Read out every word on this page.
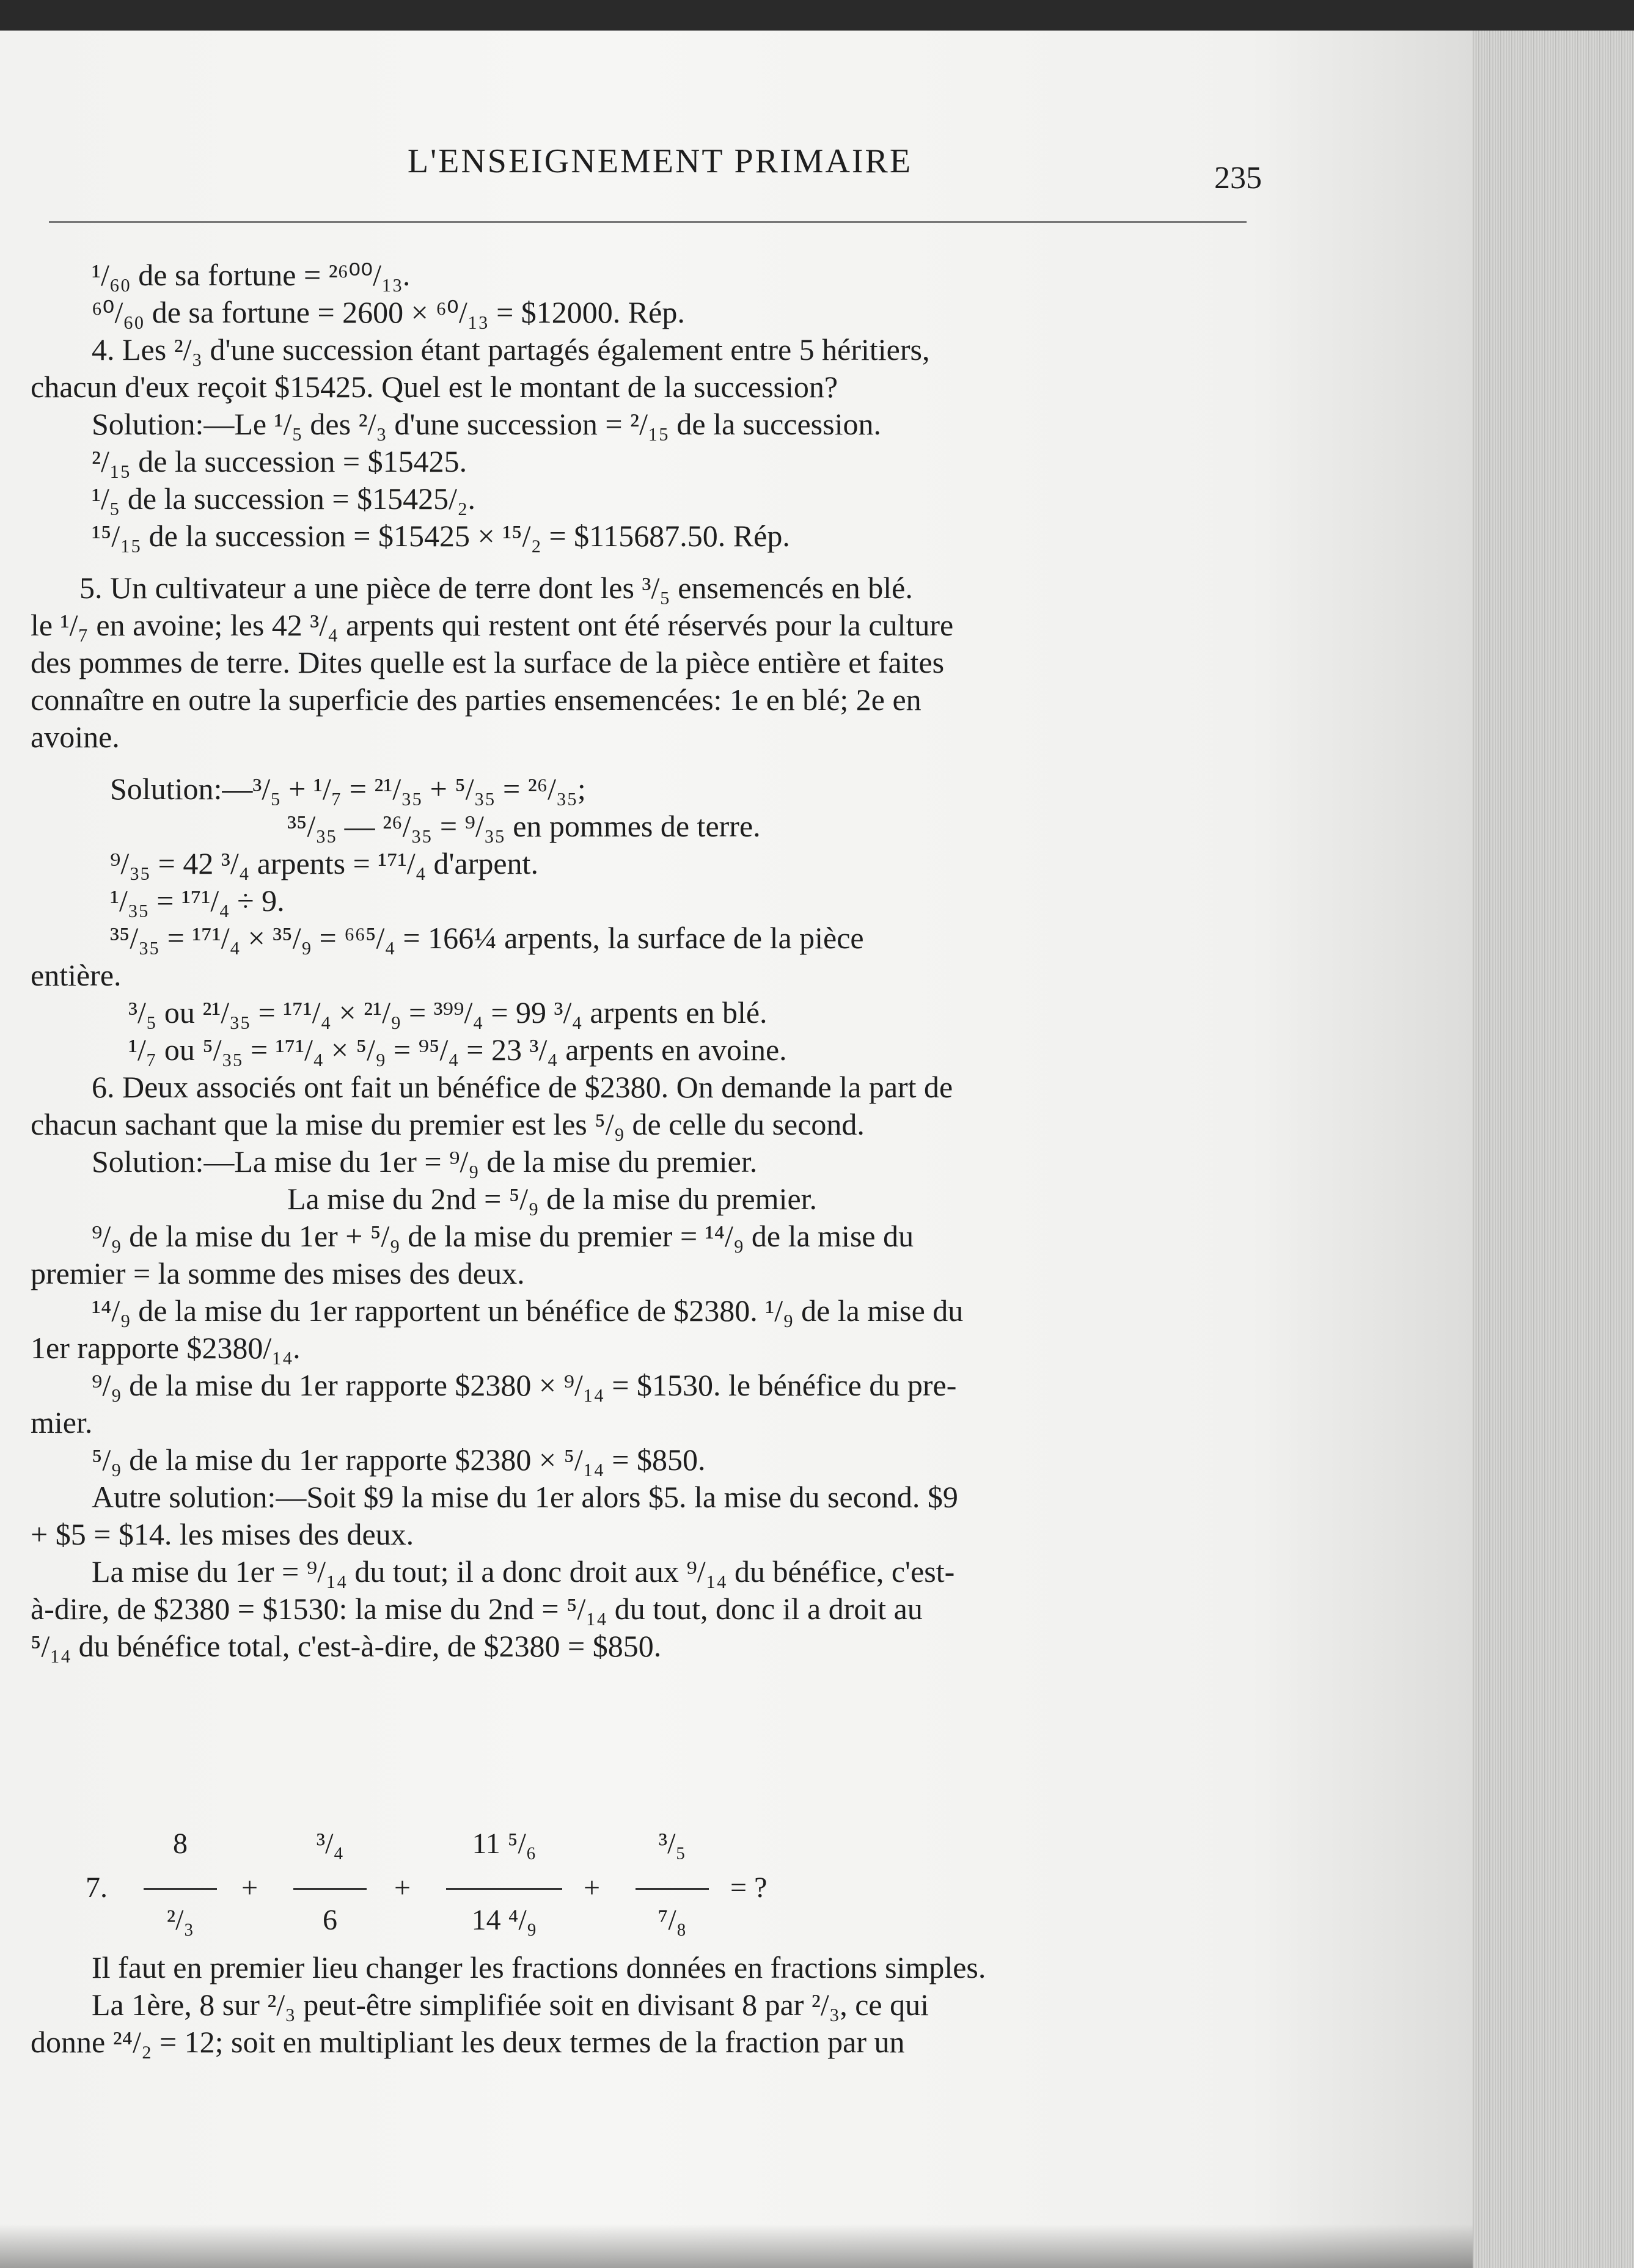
L'ENSEIGNEMENT PRIMAIRE	235

¹/₆₀ de sa fortune = ²⁶⁰⁰/₁₃.

⁶⁰/₆₀ de sa fortune = 2600 × ⁶⁰/₁₃ = $12000. Rép.

4. Les ²/₃ d'une succession étant partagés également entre 5 héritiers,

chacun d'eux reçoit $15425. Quel est le montant de la succession?

Solution:—Le ¹/₅ des ²/₃ d'une succession = ²/₁₅ de la succession.

²/₁₅ de la succession = $15425.

¹/₅ de la succession = $15425/₂.

¹⁵/₁₅ de la succession = $15425 × ¹⁵/₂ = $115687.50. Rép.

5. Un cultivateur a une pièce de terre dont les ³/₅ ensemencés en blé.

le ¹/₇ en avoine; les 42 ³/₄ arpents qui restent ont été réservés pour la culture

des pommes de terre. Dites quelle est la surface de la pièce entière et faites

connaître en outre la superficie des parties ensemencées: 1e en blé; 2e en

avoine.

Solution:—³/₅ + ¹/₇ = ²¹/₃₅ + ⁵/₃₅ = ²⁶/₃₅;

³⁵/₃₅ — ²⁶/₃₅ = ⁹/₃₅ en pommes de terre.

⁹/₃₅ = 42 ³/₄ arpents = ¹⁷¹/₄ d'arpent.

¹/₃₅ = ¹⁷¹/₄ ÷ 9.

³⁵/₃₅ = ¹⁷¹/₄ × ³⁵/₉ = ⁶⁶⁵/₄ = 166¼ arpents, la surface de la pièce

entière.

³/₅ ou ²¹/₃₅ = ¹⁷¹/₄ × ²¹/₉ = ³⁹⁹/₄ = 99 ³/₄ arpents en blé.

¹/₇ ou ⁵/₃₅ = ¹⁷¹/₄ × ⁵/₉ = ⁹⁵/₄ = 23 ³/₄ arpents en avoine.

6. Deux associés ont fait un bénéfice de $2380. On demande la part de

chacun sachant que la mise du premier est les ⁵/₉ de celle du second.

Solution:—La mise du 1er = ⁹/₉ de la mise du premier.

La mise du 2nd = ⁵/₉ de la mise du premier.

⁹/₉ de la mise du 1er + ⁵/₉ de la mise du premier = ¹⁴/₉ de la mise du

premier = la somme des mises des deux.

¹⁴/₉ de la mise du 1er rapportent un bénéfice de $2380. ¹/₉ de la mise du

1er rapporte $2380/₁₄.

⁹/₉ de la mise du 1er rapporte $2380 × ⁹/₁₄ = $1530. le bénéfice du pre-

mier.

⁵/₉ de la mise du 1er rapporte $2380 × ⁵/₁₄ = $850.

Autre solution:—Soit $9 la mise du 1er alors $5. la mise du second. $9

+ $5 = $14. les mises des deux.

La mise du 1er = ⁹/₁₄ du tout; il a donc droit aux ⁹/₁₄ du bénéfice, c'est-

à-dire, de $2380 = $1530: la mise du 2nd = ⁵/₁₄ du tout, donc il a droit au

⁵/₁₄ du bénéfice total, c'est-à-dire, de $2380 = $850.

7.
8
²/₃
+
³/₄
6
+
11 ⁵/₆
14 ⁴/₉
+
³/₅
⁷/₈
= ?

Il faut en premier lieu changer les fractions données en fractions simples.

La 1ère, 8 sur ²/₃ peut-être simplifiée soit en divisant 8 par ²/₃, ce qui

donne ²⁴/₂ = 12; soit en multipliant les deux termes de la fraction par un
